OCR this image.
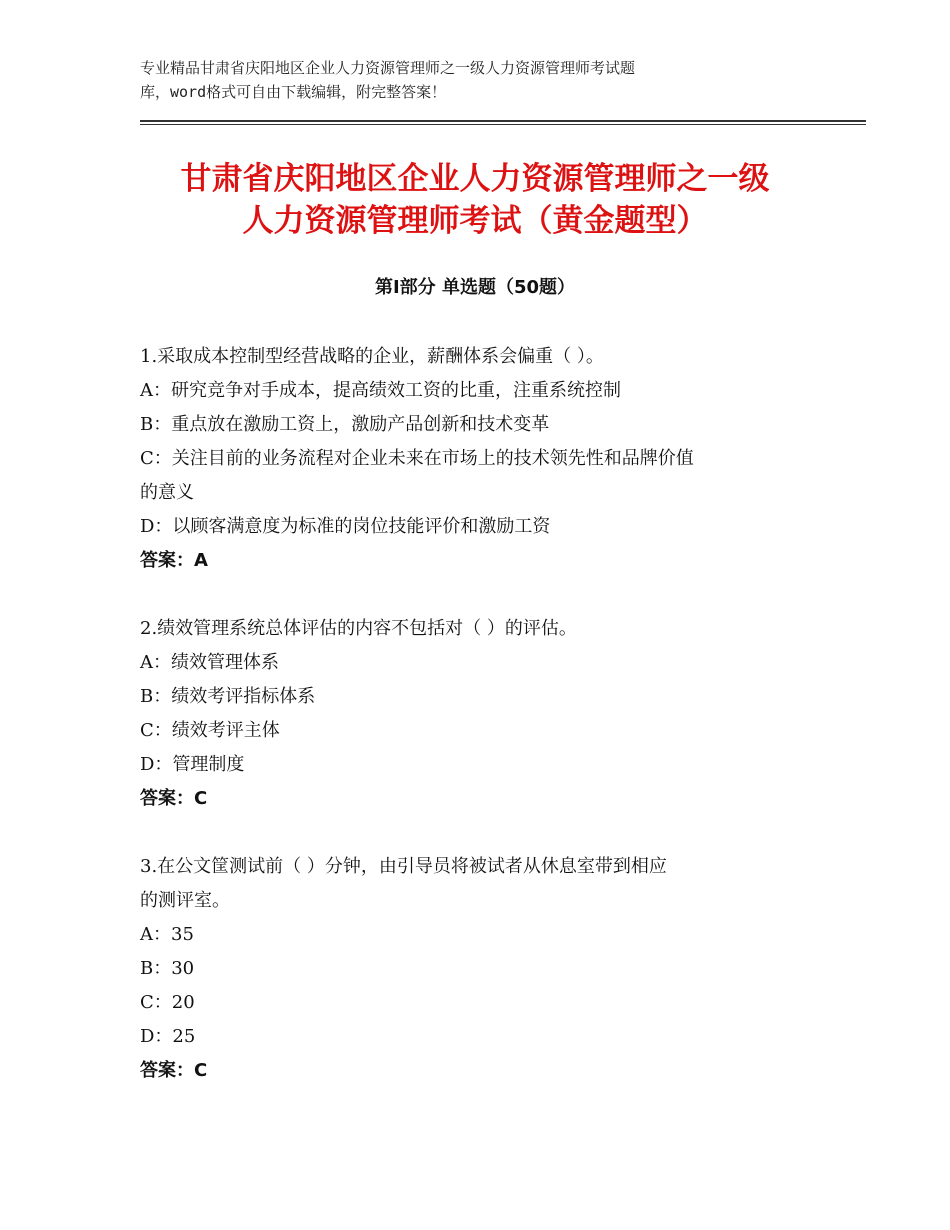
专业精品甘肃省庆阳地区企业人力资源管理师之一级人力资源管理师考试题
库，word格式可自由下载编辑，附完整答案！
甘肃省庆阳地区企业人力资源管理师之一级
人力资源管理师考试（黄金题型）
第Ⅰ部分 单选题（50题）

1.采取成本控制型经营战略的企业，薪酬体系会偏重（ ）。

A：研究竞争对手成本，提高绩效工资的比重，注重系统控制

B：重点放在激励工资上，激励产品创新和技术变革

C：关注目前的业务流程对企业未来在市场上的技术领先性和品牌价值

的意义

D：以顾客满意度为标准的岗位技能评价和激励工资

答案：A

2.绩效管理系统总体评估的内容不包括对（ ）的评估。

A：绩效管理体系

B：绩效考评指标体系

C：绩效考评主体

D：管理制度

答案：C

3.在公文筐测试前（ ）分钟，由引导员将被试者从休息室带到相应

的测评室。

A：35

B：30

C：20

D：25

答案：C
